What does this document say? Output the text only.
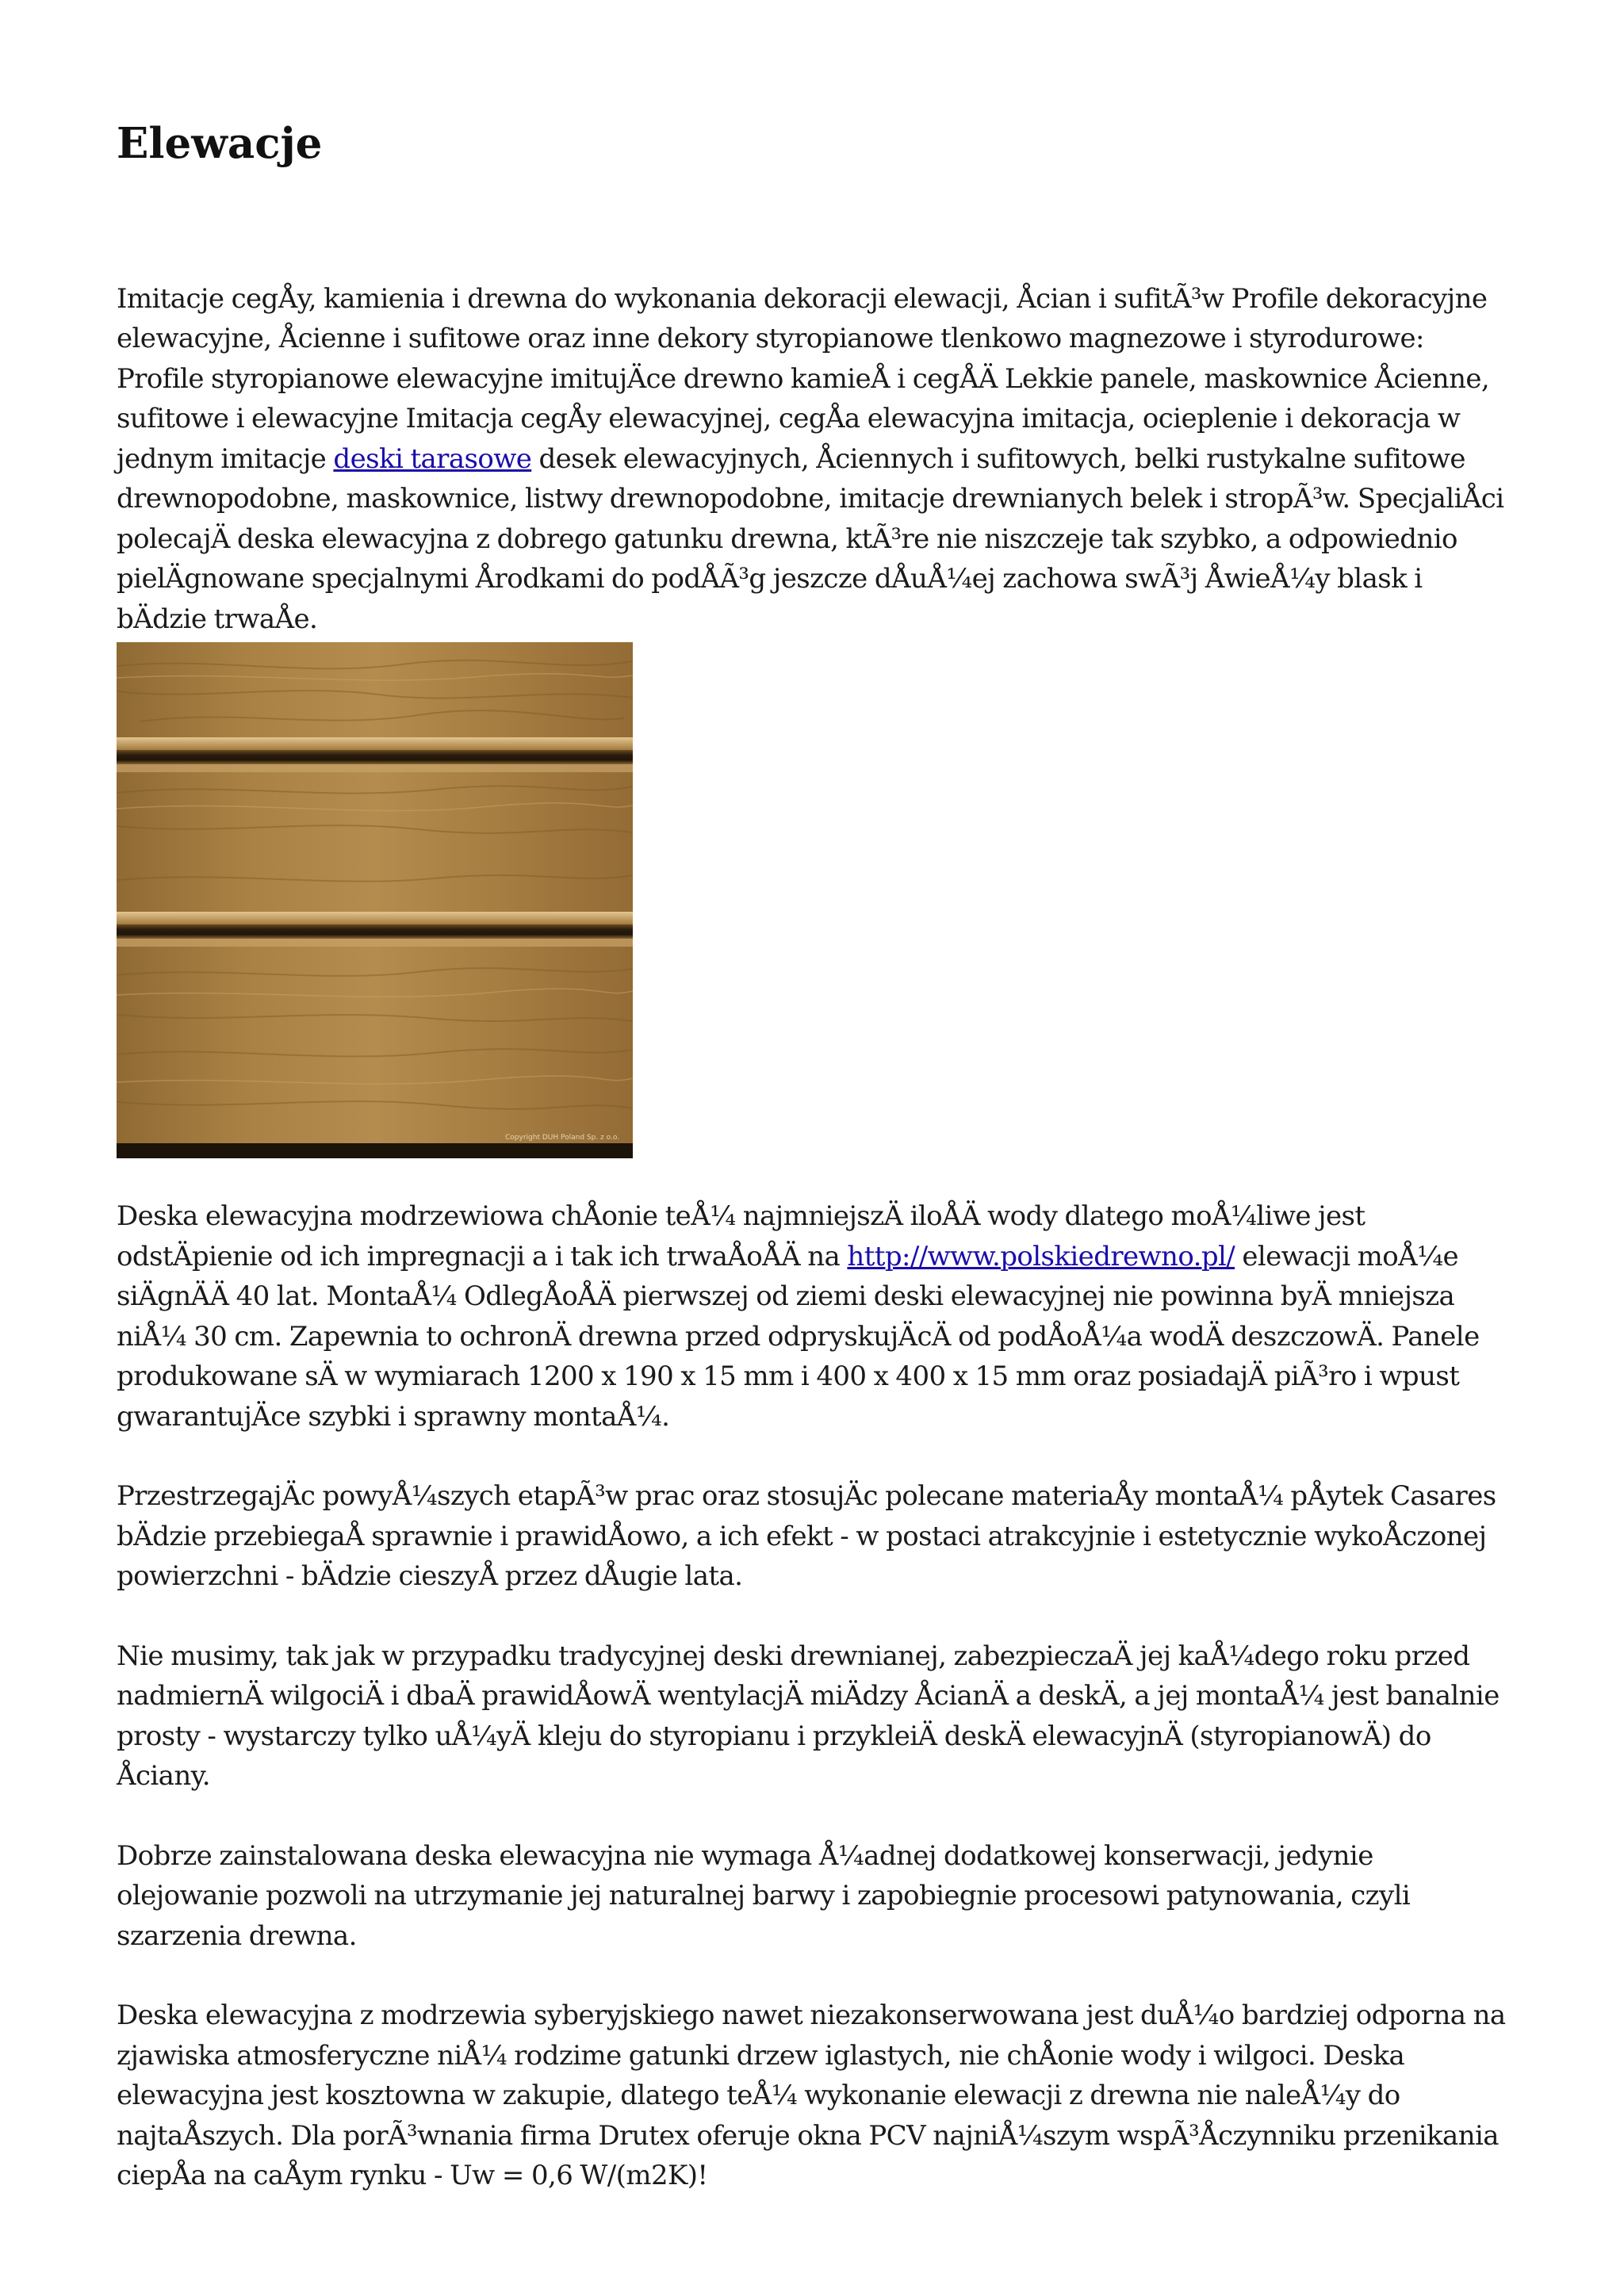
Elewacje

Imitacje cegÅy, kamienia i drewna do wykonania dekoracji elewacji, Åcian i sufitÃ³w Profile dekoracyjne elewacyjne, Åcienne i sufitowe oraz inne dekory styropianowe tlenkowo magnezowe i styrodurowe: Profile styropianowe elewacyjne imitujÄce drewno kamieÅ i cegÅÄ Lekkie panele, maskownice Åcienne, sufitowe i elewacyjne Imitacja cegÅy elewacyjnej, cegÅa elewacyjna imitacja, ocieplenie i dekoracja w jednym imitacje deski tarasowe desek elewacyjnych, Åciennych i sufitowych, belki rustykalne sufitowe drewnopodobne, maskownice, listwy drewnopodobne, imitacje drewnianych belek i stropÃ³w. SpecjaliÅci polecajÄ deska elewacyjna z dobrego gatunku drewna, ktÃ³re nie niszczeje tak szybko, a odpowiednio pielÄgnowane specjalnymi Årodkami do podÅÃ³g jeszcze dÅuÅ¼ej zachowa swÃ³j ÅwieÅ¼y blask i bÄdzie trwaÅe.

Copyright DUH Poland Sp. z o.o.

Deska elewacyjna modrzewiowa chÅonie teÅ¼ najmniejszÄ iloÅÄ wody dlatego moÅ¼liwe jest odstÄpienie od ich impregnacji a i tak ich trwaÅoÅÄ na http://www.polskiedrewno.pl/ elewacji moÅ¼e siÄgnÄÄ 40 lat. MontaÅ¼ OdlegÅoÅÄ pierwszej od ziemi deski elewacyjnej nie powinna byÄ mniejsza niÅ¼ 30 cm. Zapewnia to ochronÄ drewna przed odpryskujÄcÄ od podÅoÅ¼a wodÄ deszczowÄ. Panele produkowane sÄ w wymiarach 1200 x 190 x 15 mm i 400 x 400 x 15 mm oraz posiadajÄ piÃ³ro i wpust gwarantujÄce szybki i sprawny montaÅ¼.

PrzestrzegajÄc powyÅ¼szych etapÃ³w prac oraz stosujÄc polecane materiaÅy montaÅ¼ pÅytek Casares bÄdzie przebiegaÅ sprawnie i prawidÅowo, a ich efekt - w postaci atrakcyjnie i estetycznie wykoÅczonej powierzchni - bÄdzie cieszyÅ przez dÅugie lata.

Nie musimy, tak jak w przypadku tradycyjnej deski drewnianej, zabezpieczaÄ jej kaÅ¼dego roku przed nadmiernÄ wilgociÄ i dbaÄ prawidÅowÄ wentylacjÄ miÄdzy ÅcianÄ a deskÄ, a jej montaÅ¼ jest banalnie prosty - wystarczy tylko uÅ¼yÄ kleju do styropianu i przykleiÄ deskÄ elewacyjnÄ (styropianowÄ) do Åciany.

Dobrze zainstalowana deska elewacyjna nie wymaga Å¼adnej dodatkowej konserwacji, jedynie olejowanie pozwoli na utrzymanie jej naturalnej barwy i zapobiegnie procesowi patynowania, czyli szarzenia drewna.

Deska elewacyjna z modrzewia syberyjskiego nawet niezakonserwowana jest duÅ¼o bardziej odporna na zjawiska atmosferyczne niÅ¼ rodzime gatunki drzew iglastych, nie chÅonie wody i wilgoci. Deska elewacyjna jest kosztowna w zakupie, dlatego teÅ¼ wykonanie elewacji z drewna nie naleÅ¼y do najtaÅszych. Dla porÃ³wnania firma Drutex oferuje okna PCV najniÅ¼szym wspÃ³Åczynniku przenikania ciepÅa na caÅym rynku - Uw = 0,6 W/(m2K)!
